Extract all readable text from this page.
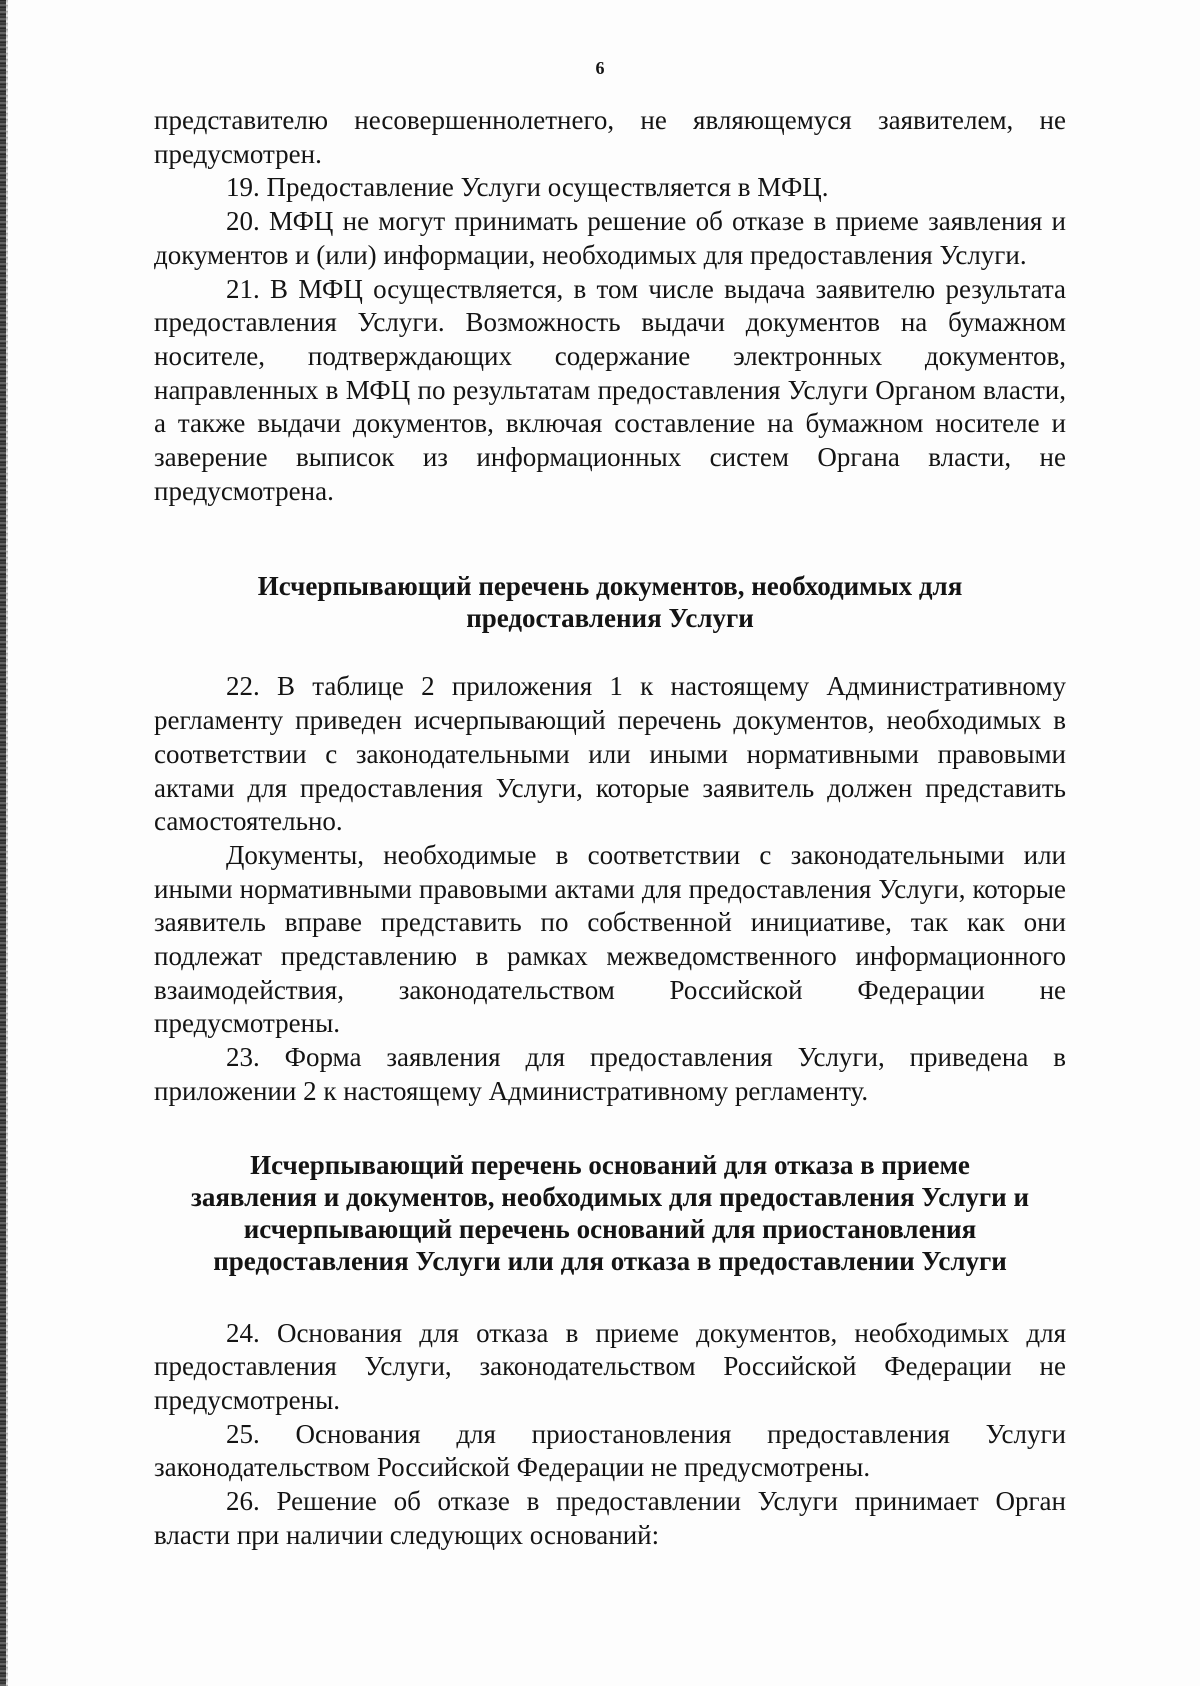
6

представителю несовершеннолетнего, не являющемуся заявителем, не предусмотрен.

19. Предоставление Услуги осуществляется в МФЦ.

20. МФЦ не могут принимать решение об отказе в приеме заявления и документов и (или) информации, необходимых для предоставления Услуги.

21. В МФЦ осуществляется, в том числе выдача заявителю результата предоставления Услуги. Возможность выдачи документов на бумажном носителе, подтверждающих содержание электронных документов, направленных в МФЦ по результатам предоставления Услуги Органом власти, а также выдачи документов, включая составление на бумажном носителе и заверение выписок из информационных систем Органа власти, не предусмотрена.

Исчерпывающий перечень документов, необходимых для

предоставления Услуги

22. В таблице 2 приложения 1 к настоящему Административному регламенту приведен исчерпывающий перечень документов, необходимых в соответствии с законодательными или иными нормативными правовыми актами для предоставления Услуги, которые заявитель должен представить самостоятельно.

Документы, необходимые в соответствии с законодательными или иными нормативными правовыми актами для предоставления Услуги, которые заявитель вправе представить по собственной инициативе, так как они подлежат представлению в рамках межведомственного информационного взаимодействия, законодательством Российской Федерации не предусмотрены.

23. Форма заявления для предоставления Услуги, приведена в приложении 2 к настоящему Административному регламенту.

Исчерпывающий перечень оснований для отказа в приеме

заявления и документов, необходимых для предоставления Услуги и

исчерпывающий перечень оснований для приостановления

предоставления Услуги или для отказа в предоставлении Услуги

24. Основания для отказа в приеме документов, необходимых для предоставления Услуги, законодательством Российской Федерации не предусмотрены.

25. Основания для приостановления предоставления Услуги законодательством Российской Федерации не предусмотрены.

26. Решение об отказе в предоставлении Услуги принимает Орган власти при наличии следующих оснований:
